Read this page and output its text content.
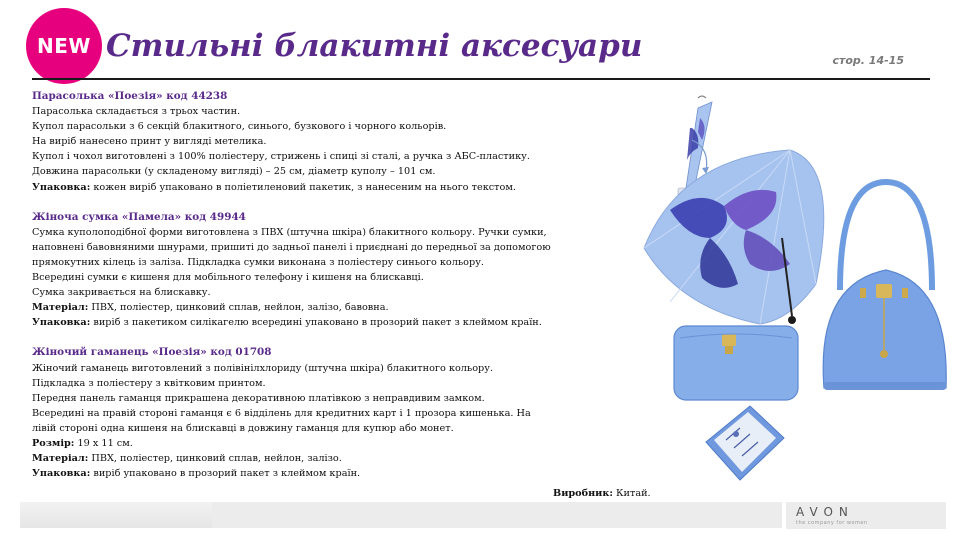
NEW Стильні блакитні аксесуари	стор. 14-15

Парасолька «Поезія» код 44238

Парасолька складається з трьох частин.

Купол парасольки з 6 секцій блакитного, синього, бузкового і чорного кольорів.

На виріб нанесено принт у вигляді метелика.

Купол і чохол виготовлені з 100% поліестеру, стрижень і спиці зі сталі, а ручка з АБС-пластику.

Довжина парасольки (у складеному вигляді) – 25 см, діаметр куполу – 101 см.

Упаковка: кожен виріб упаковано в поліетиленовий пакетик, з нанесеним на нього текстом.

Жіноча сумка «Памела» код 49944

Сумка куполоподібної форми виготовлена з ПВХ (штучна шкіра) блакитного кольору. Ручки сумки,

наповнені бавовняними шнурами, пришиті до задньої панелі і приєднані до передньої за допомогою

прямокутних кілець із заліза. Підкладка сумки виконана з поліестеру синього кольору.

Всередині сумки є кишеня для мобільного телефону і кишеня на блискавці.

Сумка закривається на блискавку.

Матеріал: ПВХ, поліестер, цинковий сплав, нейлон, залізо, бавовна.

Упаковка: виріб з пакетиком силікагелю всередині упаковано в прозорий пакет з клеймом країн.

Жіночий гаманець «Поезія» код 01708

Жіночий гаманець виготовлений з полівінілхлориду (штучна шкіра) блакитного кольору.

Підкладка з поліестеру з квітковим принтом.

Передня панель гаманця прикрашена декоративною платівкою з неправдивим замком.

Всередині на правій стороні гаманця є 6 відділень для кредитних карт і 1 прозора кишенька. На

лівій стороні одна кишеня на блискавці в довжину гаманця для купюр або монет.

Розмір: 19 х 11 см.

Матеріал: ПВХ, поліестер, цинковий сплав, нейлон, залізо.

Упаковка: виріб упаковано в прозорий пакет з клеймом країн.

Виробник: Китай.
AVON
the company for women
